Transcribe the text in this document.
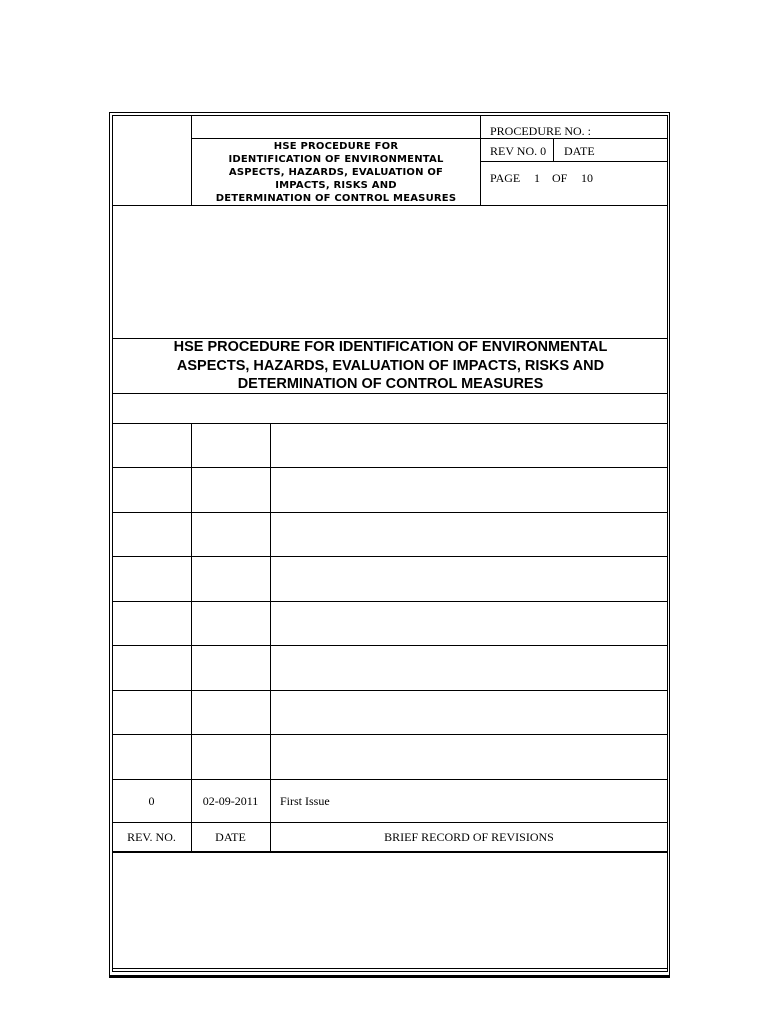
HSE PROCEDURE FOR
IDENTIFICATION OF ENVIRONMENTAL
ASPECTS, HAZARDS, EVALUATION OF
IMPACTS, RISKS AND
DETERMINATION OF CONTROL MEASURES
PROCEDURE NO. :
REV NO. 0 DATE
PAGE 1 OF 10
HSE PROCEDURE FOR IDENTIFICATION OF ENVIRONMENTAL
ASPECTS, HAZARDS, EVALUATION OF IMPACTS, RISKS AND
DETERMINATION OF CONTROL MEASURES
0	02-09-2011	First Issue
REV. NO.	DATE	BRIEF RECORD OF REVISIONS
